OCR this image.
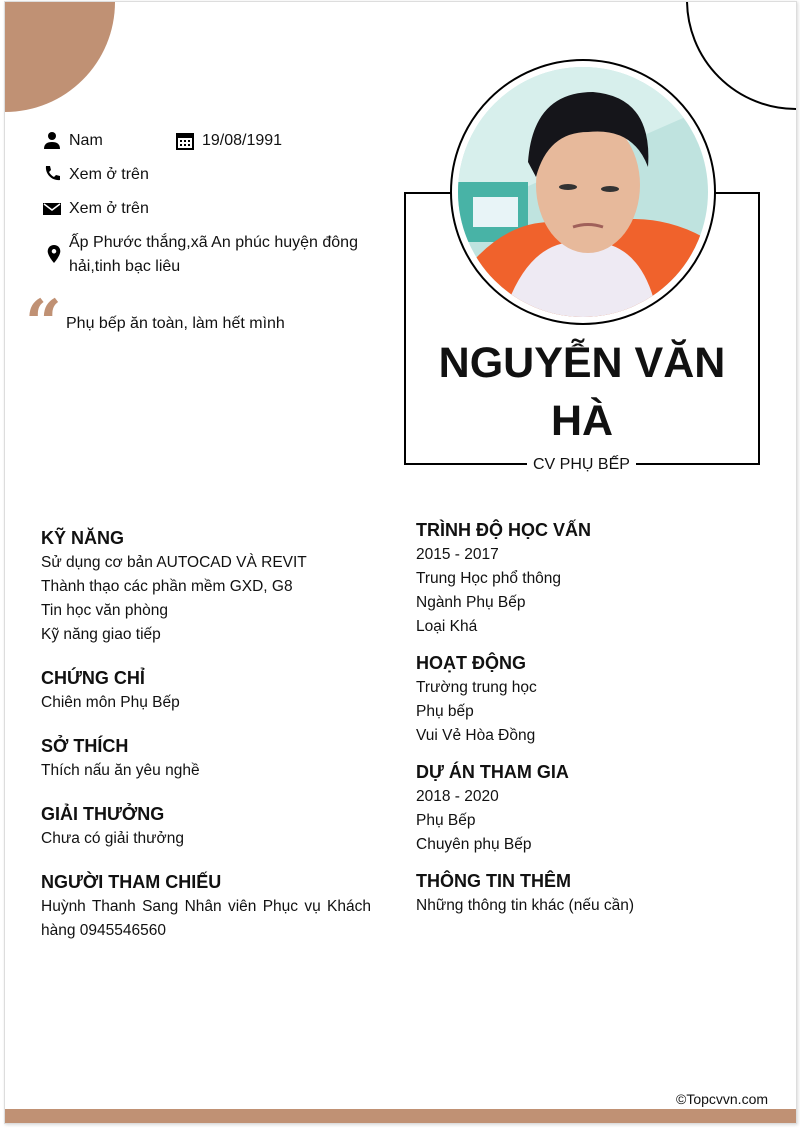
Nam	19/08/1991
Xem ở trên
Xem ở trên
Ấp Phước thắng,xã An phúc huyện đông
hải,tinh bạc liêu
“ Phụ bếp ăn toàn, làm hết mình
NGUYỄN VĂN
HÀ
CV PHỤ BẾP
KỸ NĂNG
Sử dụng cơ bản AUTOCAD VÀ REVIT
Thành thạo các phần mềm GXD, G8
Tin học văn phòng
Kỹ năng giao tiếp
CHỨNG CHỈ
Chiên môn Phụ Bếp
SỞ THÍCH
Thích nấu ăn yêu nghề
GIẢI THƯỞNG
Chưa có giải thưởng
NGƯỜI THAM CHIẾU
Huỳnh Thanh Sang Nhân viên Phục vụ Khách hàng 0945546560
TRÌNH ĐỘ HỌC VẤN
2015 - 2017
Trung Học phổ thông
Ngành Phụ Bếp
Loại Khá
HOẠT ĐỘNG
Trường trung học
Phụ bếp
Vui Vẻ Hòa Đồng
DỰ ÁN THAM GIA
2018 - 2020
Phụ Bếp
Chuyên phụ Bếp
THÔNG TIN THÊM
Những thông tin khác (nếu cần)
©Topcvvn.com
